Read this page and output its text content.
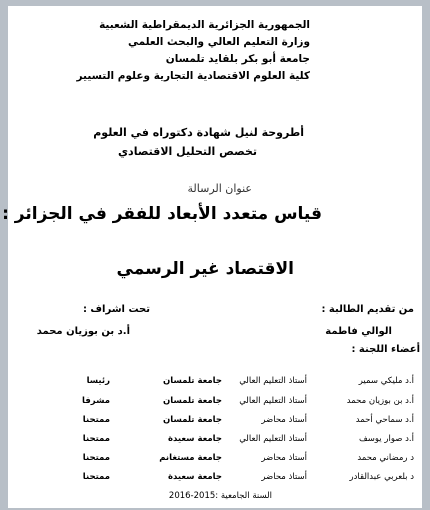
الجمهورية الجزائرية الديمقراطية الشعبية
وزارة التعليم العالي والبحث العلمي
جامعة أبو بكر بلقايد تلمسان
كلية العلوم الاقتصادية التجارية وعلوم التسيير
أطروحة لنيل شهادة دكتوراه في العلوم
تخصص التحليل الاقتصادي
عنوان الرسالة
قياس متعدد الأبعاد للفقر في الجزائر :
الاقتصاد غير الرسمي
من تقديم الطالبة :
تحت اشراف :
الوالي فاطمة
أ.د بن بوزيان محمد
أعضاء اللجنة :
أ.د مليكي سمير
أستاذ التعليم العالي
جامعة تلمسان
رئيسا
أ.د بن بوزيان محمد
أستاذ التعليم العالي
جامعة تلمسان
مشرفا
أ.د سماحي أحمد
أستاذ محاضر
جامعة تلمسان
ممتحنا
أ.د صوار يوسف
أستاذ التعليم العالي
جامعة سعيدة
ممتحنا
د رمضاني محمد
أستاذ محاضر
جامعة مستغانم
ممتحنا
د بلعربي عبدالقادر
أستاذ محاضر
جامعة سعيدة
ممتحنا
السنة الجامعية :2015-2016
